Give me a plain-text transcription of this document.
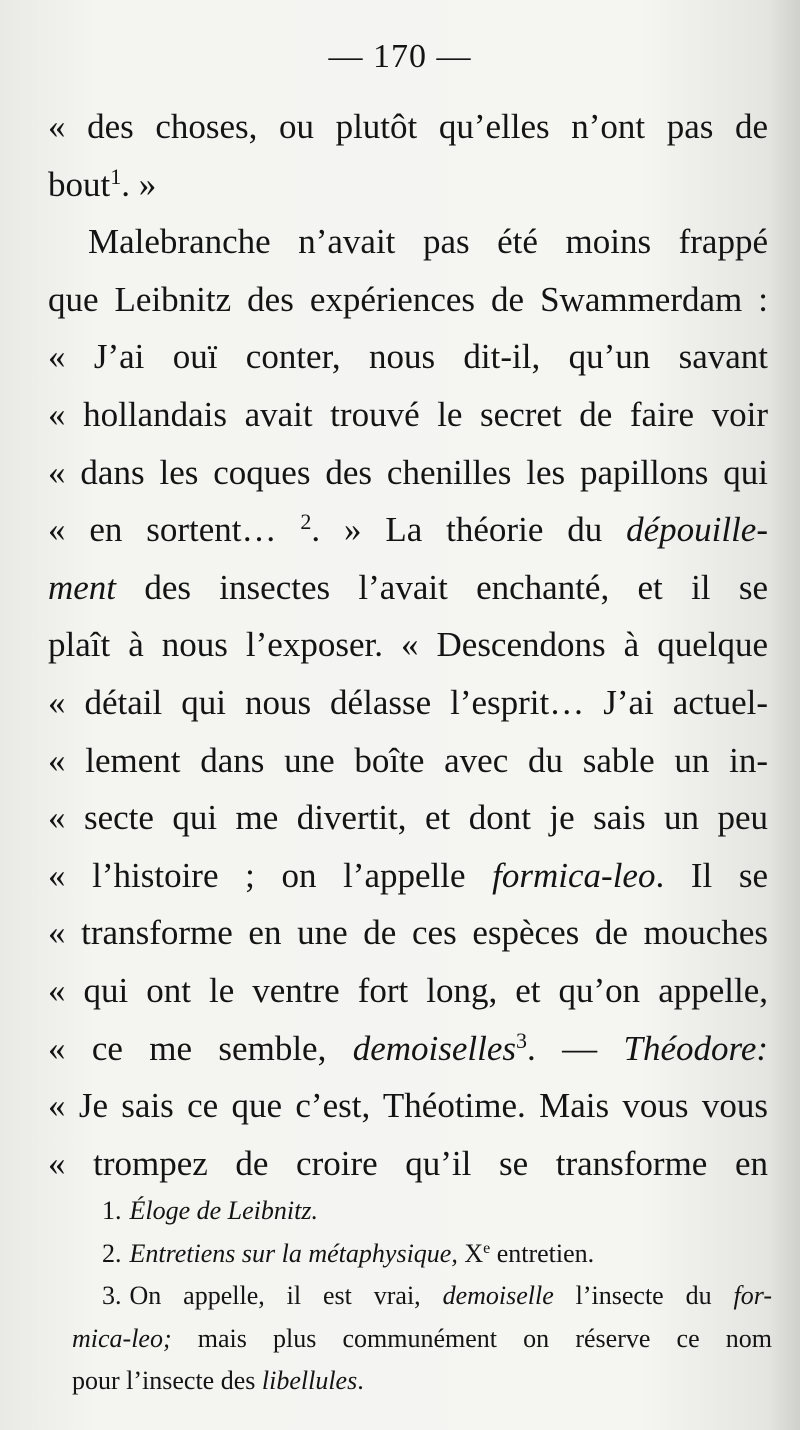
— 170 —
« des choses, ou plutôt qu’elles n’ont pas de
bout$^1$. »
Malebranche n’avait pas été moins frappé
que Leibnitz des expériences de Swammerdam :
« J’ai ouï conter, nous dit-il, qu’un savant
« hollandais avait trouvé le secret de faire voir
« dans les coques des chenilles les papillons qui
« en sortent… $^2$. » La théorie du dépouille-
ment des insectes l’avait enchanté, et il se
plaît à nous l’exposer. « Descendons à quelque
« détail qui nous délasse l’esprit… J’ai actuel-
« lement dans une boîte avec du sable un in-
« secte qui me divertit, et dont je sais un peu
« l’histoire ; on l’appelle formica-leo. Il se
« transforme en une de ces espèces de mouches
« qui ont le ventre fort long, et qu’on appelle,
« ce me semble, demoiselles$^3$. — Théodore:
« Je sais ce que c’est, Théotime. Mais vous vous
« trompez de croire qu’il se transforme en
1. Éloge de Leibnitz.
2. Entretiens sur la métaphysique, Xe entretien.
3. On appelle, il est vrai, demoiselle l’insecte du for-
mica-leo; mais plus communément on réserve ce nom
pour l’insecte des libellules.
